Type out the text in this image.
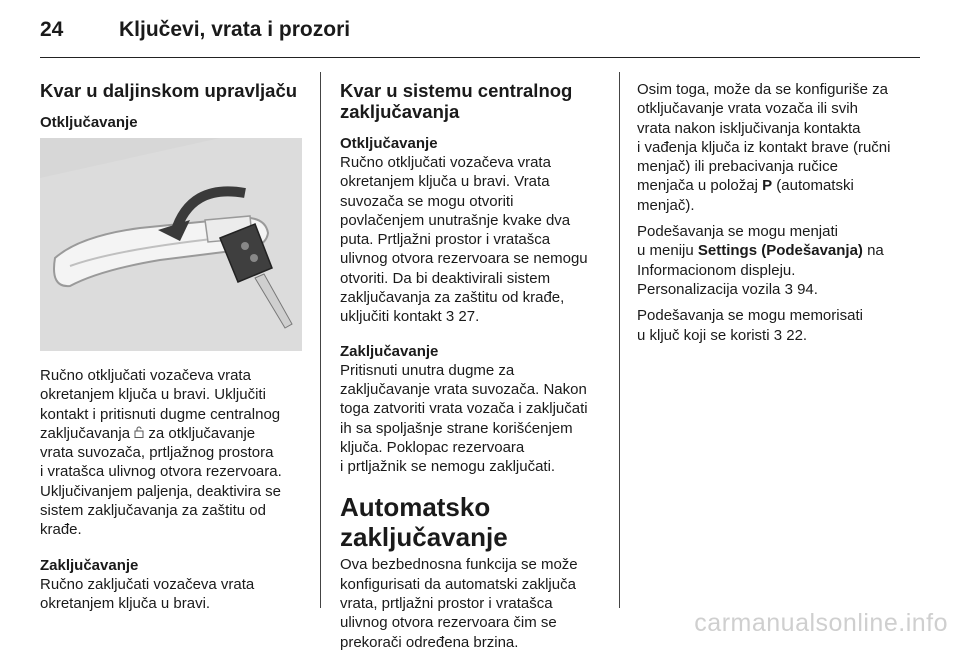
24	Ključevi, vrata i prozori
Kvar u daljinskom upravljaču
Otključavanje

Ručno otključati vozačeva vrata
okretanjem ključa u bravi. Uključiti
kontakt i pritisnuti dugme centralnog
zaključavanja za otključavanje
vrata suvozača, prtljažnog prostora
i vratašca ulivnog otvora rezervoara.
Uključivanjem paljenja, deaktivira se
sistem zaključavanja za zaštitu od
krađe.

Zaključavanje

Ručno zaključati vozačeva vrata
okretanjem ključa u bravi.

Kvar u sistemu centralnog
zaključavanja
Otključavanje

Ručno otključati vozačeva vrata
okretanjem ključa u bravi. Vrata
suvozača se mogu otvoriti
povlačenjem unutrašnje kvake dva
puta. Prtljažni prostor i vratašca
ulivnog otvora rezervoara se nemogu
otvoriti. Da bi deaktivirali sistem
zaključavanja za zaštitu od krađe,
uključiti kontakt 3 27.

Zaključavanje

Pritisnuti unutra dugme za
zaključavanje vrata suvozača. Nakon
toga zatvoriti vrata vozača i zaključati
ih sa spoljašnje strane korišćenjem
ključa. Poklopac rezervoara
i prtljažnik se nemogu zaključati.

Automatsko zaključavanje

Ova bezbednosna funkcija se može
konfigurisati da automatski zaključa
vrata, prtljažni prostor i vratašca
ulivnog otvora rezervoara čim se
prekorači određena brzina.

Osim toga, može da se konfiguriše za
otključavanje vrata vozača ili svih
vrata nakon isključivanja kontakta
i vađenja ključa iz kontakt brave (ručni
menjač) ili prebacivanja ručice
menjača u položaj P (automatski
menjač).

Podešavanja se mogu menjati
u meniju Settings (Podešavanja) na
Informacionom displeju.
Personalizacija vozila 3 94.

Podešavanja se mogu memorisati
u ključ koji se koristi 3 22.

carmanualsonline.info
